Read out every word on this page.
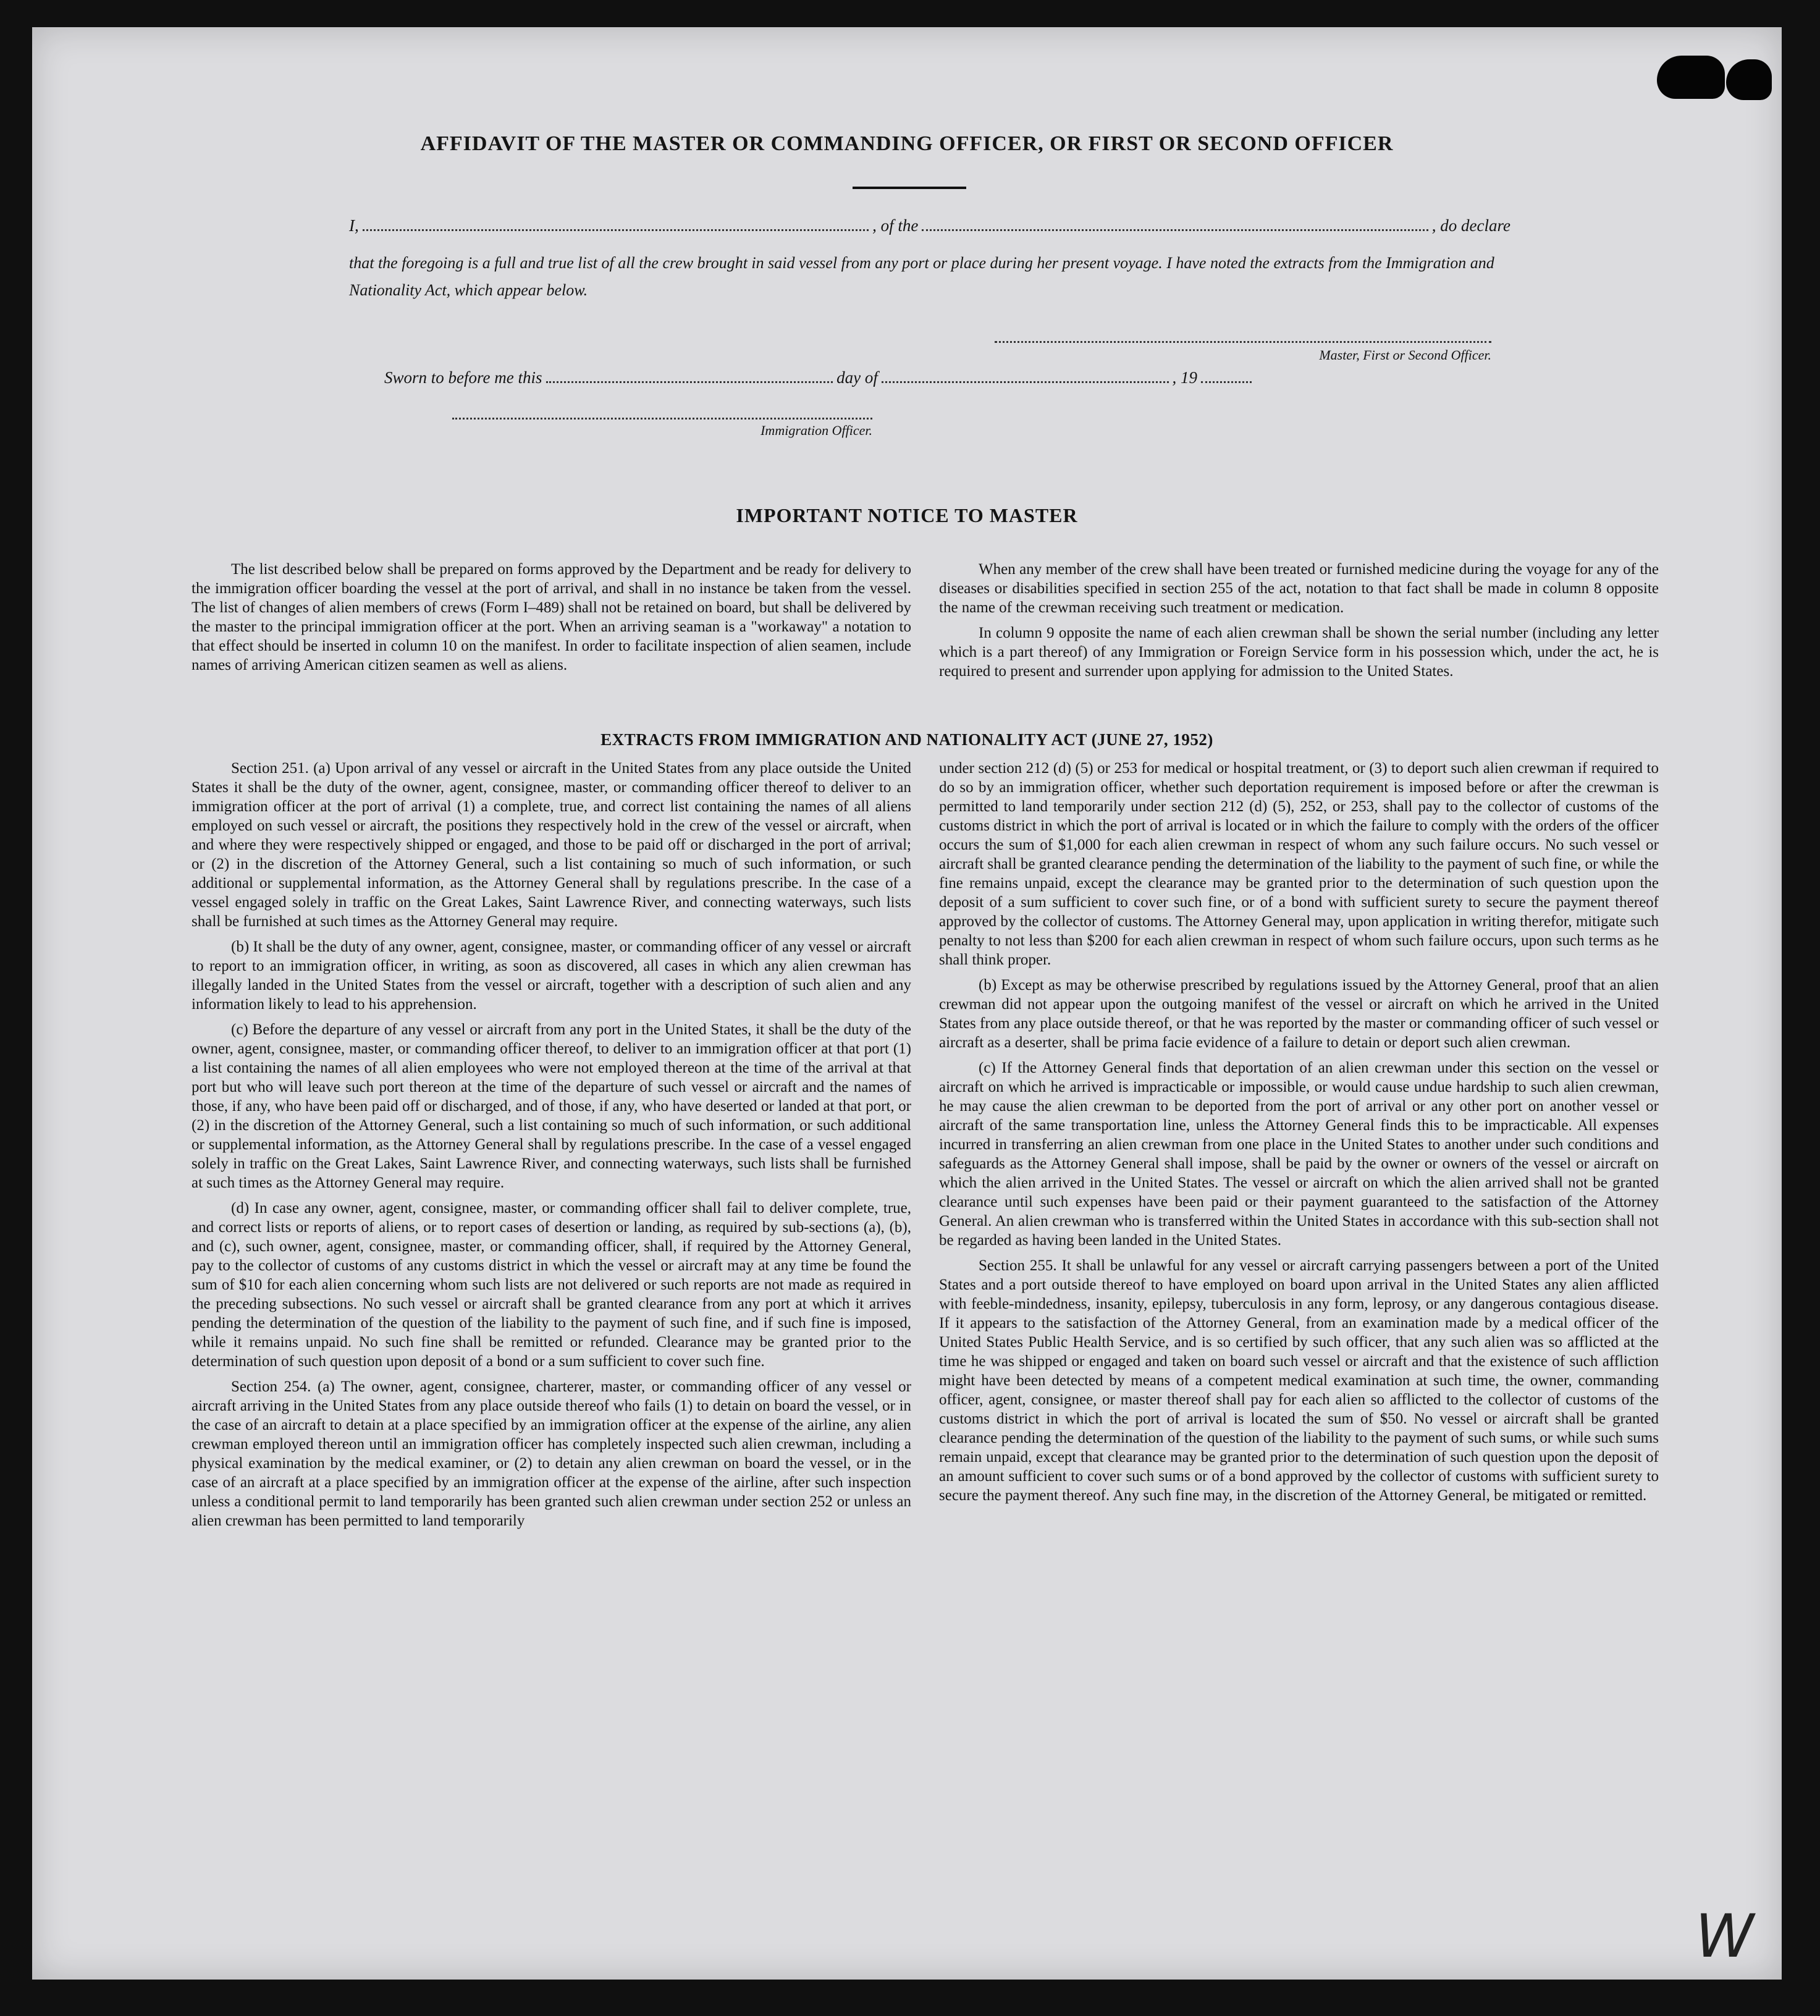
AFFIDAVIT OF THE MASTER OR COMMANDING OFFICER, OR FIRST OR SECOND OFFICER
I,	, of the	, do declare
that the foregoing is a full and true list of all the crew brought in said vessel from any port or place during her present voyage. I have noted the extracts from the Immigration and Nationality Act, which appear below.
Master, First or Second Officer.
Sworn to before me this	day of	, 19
Immigration Officer.
IMPORTANT NOTICE TO MASTER

The list described below shall be prepared on forms approved by the Department and be ready for delivery to the immigration officer boarding the vessel at the port of arrival, and shall in no instance be taken from the vessel. The list of changes of alien members of crews (Form I–489) shall not be retained on board, but shall be delivered by the master to the principal immigration officer at the port. When an arriving seaman is a "workaway" a notation to that effect should be inserted in column 10 on the manifest. In order to facilitate inspection of alien seamen, include names of arriving American citizen seamen as well as aliens.

When any member of the crew shall have been treated or furnished medicine during the voyage for any of the diseases or disabilities specified in section 255 of the act, notation to that fact shall be made in column 8 opposite the name of the crewman receiving such treatment or medication.

In column 9 opposite the name of each alien crewman shall be shown the serial number (including any letter which is a part thereof) of any Immigration or Foreign Service form in his possession which, under the act, he is required to present and surrender upon applying for admission to the United States.

EXTRACTS FROM IMMIGRATION AND NATIONALITY ACT (JUNE 27, 1952)

Section 251. (a) Upon arrival of any vessel or aircraft in the United States from any place outside the United States it shall be the duty of the owner, agent, consignee, master, or commanding officer thereof to deliver to an immigration officer at the port of arrival (1) a complete, true, and correct list containing the names of all aliens employed on such vessel or aircraft, the positions they respectively hold in the crew of the vessel or aircraft, when and where they were respectively shipped or engaged, and those to be paid off or discharged in the port of arrival; or (2) in the discretion of the Attorney General, such a list containing so much of such information, or such additional or supplemental information, as the Attorney General shall by regulations prescribe. In the case of a vessel engaged solely in traffic on the Great Lakes, Saint Lawrence River, and connecting waterways, such lists shall be furnished at such times as the Attorney General may require.

(b) It shall be the duty of any owner, agent, consignee, master, or commanding officer of any vessel or aircraft to report to an immigration officer, in writing, as soon as discovered, all cases in which any alien crewman has illegally landed in the United States from the vessel or aircraft, together with a description of such alien and any information likely to lead to his apprehension.

(c) Before the departure of any vessel or aircraft from any port in the United States, it shall be the duty of the owner, agent, consignee, master, or commanding officer thereof, to deliver to an immigration officer at that port (1) a list containing the names of all alien employees who were not employed thereon at the time of the arrival at that port but who will leave such port thereon at the time of the departure of such vessel or aircraft and the names of those, if any, who have been paid off or discharged, and of those, if any, who have deserted or landed at that port, or (2) in the discretion of the Attorney General, such a list containing so much of such information, or such additional or supplemental information, as the Attorney General shall by regulations prescribe. In the case of a vessel engaged solely in traffic on the Great Lakes, Saint Lawrence River, and connecting waterways, such lists shall be furnished at such times as the Attorney General may require.

(d) In case any owner, agent, consignee, master, or commanding officer shall fail to deliver complete, true, and correct lists or reports of aliens, or to report cases of desertion or landing, as required by sub-sections (a), (b), and (c), such owner, agent, consignee, master, or commanding officer, shall, if required by the Attorney General, pay to the collector of customs of any customs district in which the vessel or aircraft may at any time be found the sum of $10 for each alien concerning whom such lists are not delivered or such reports are not made as required in the preceding subsections. No such vessel or aircraft shall be granted clearance from any port at which it arrives pending the determination of the question of the liability to the payment of such fine, and if such fine is imposed, while it remains unpaid. No such fine shall be remitted or refunded. Clearance may be granted prior to the determination of such question upon deposit of a bond or a sum sufficient to cover such fine.

Section 254. (a) The owner, agent, consignee, charterer, master, or commanding officer of any vessel or aircraft arriving in the United States from any place outside thereof who fails (1) to detain on board the vessel, or in the case of an aircraft to detain at a place specified by an immigration officer at the expense of the airline, any alien crewman employed thereon until an immigration officer has completely inspected such alien crewman, including a physical examination by the medical examiner, or (2) to detain any alien crewman on board the vessel, or in the case of an aircraft at a place specified by an immigration officer at the expense of the airline, after such inspection unless a conditional permit to land temporarily has been granted such alien crewman under section 252 or unless an alien crewman has been permitted to land temporarily

under section 212 (d) (5) or 253 for medical or hospital treatment, or (3) to deport such alien crewman if required to do so by an immigration officer, whether such deportation requirement is imposed before or after the crewman is permitted to land temporarily under section 212 (d) (5), 252, or 253, shall pay to the collector of customs of the customs district in which the port of arrival is located or in which the failure to comply with the orders of the officer occurs the sum of $1,000 for each alien crewman in respect of whom any such failure occurs. No such vessel or aircraft shall be granted clearance pending the determination of the liability to the payment of such fine, or while the fine remains unpaid, except the clearance may be granted prior to the determination of such question upon the deposit of a sum sufficient to cover such fine, or of a bond with sufficient surety to secure the payment thereof approved by the collector of customs. The Attorney General may, upon application in writing therefor, mitigate such penalty to not less than $200 for each alien crewman in respect of whom such failure occurs, upon such terms as he shall think proper.

(b) Except as may be otherwise prescribed by regulations issued by the Attorney General, proof that an alien crewman did not appear upon the outgoing manifest of the vessel or aircraft on which he arrived in the United States from any place outside thereof, or that he was reported by the master or commanding officer of such vessel or aircraft as a deserter, shall be prima facie evidence of a failure to detain or deport such alien crewman.

(c) If the Attorney General finds that deportation of an alien crewman under this section on the vessel or aircraft on which he arrived is impracticable or impossible, or would cause undue hardship to such alien crewman, he may cause the alien crewman to be deported from the port of arrival or any other port on another vessel or aircraft of the same transportation line, unless the Attorney General finds this to be impracticable. All expenses incurred in transferring an alien crewman from one place in the United States to another under such conditions and safeguards as the Attorney General shall impose, shall be paid by the owner or owners of the vessel or aircraft on which the alien arrived in the United States. The vessel or aircraft on which the alien arrived shall not be granted clearance until such expenses have been paid or their payment guaranteed to the satisfaction of the Attorney General. An alien crewman who is transferred within the United States in accordance with this sub-section shall not be regarded as having been landed in the United States.

Section 255. It shall be unlawful for any vessel or aircraft carrying passengers between a port of the United States and a port outside thereof to have employed on board upon arrival in the United States any alien afflicted with feeble-mindedness, insanity, epilepsy, tuberculosis in any form, leprosy, or any dangerous contagious disease. If it appears to the satisfaction of the Attorney General, from an examination made by a medical officer of the United States Public Health Service, and is so certified by such officer, that any such alien was so afflicted at the time he was shipped or engaged and taken on board such vessel or aircraft and that the existence of such affliction might have been detected by means of a competent medical examination at such time, the owner, commanding officer, agent, consignee, or master thereof shall pay for each alien so afflicted to the collector of customs of the customs district in which the port of arrival is located the sum of $50. No vessel or aircraft shall be granted clearance pending the determination of the question of the liability to the payment of such sums, or while such sums remain unpaid, except that clearance may be granted prior to the determination of such question upon the deposit of an amount sufficient to cover such sums or of a bond approved by the collector of customs with sufficient surety to secure the payment thereof. Any such fine may, in the discretion of the Attorney General, be mitigated or remitted.

W
